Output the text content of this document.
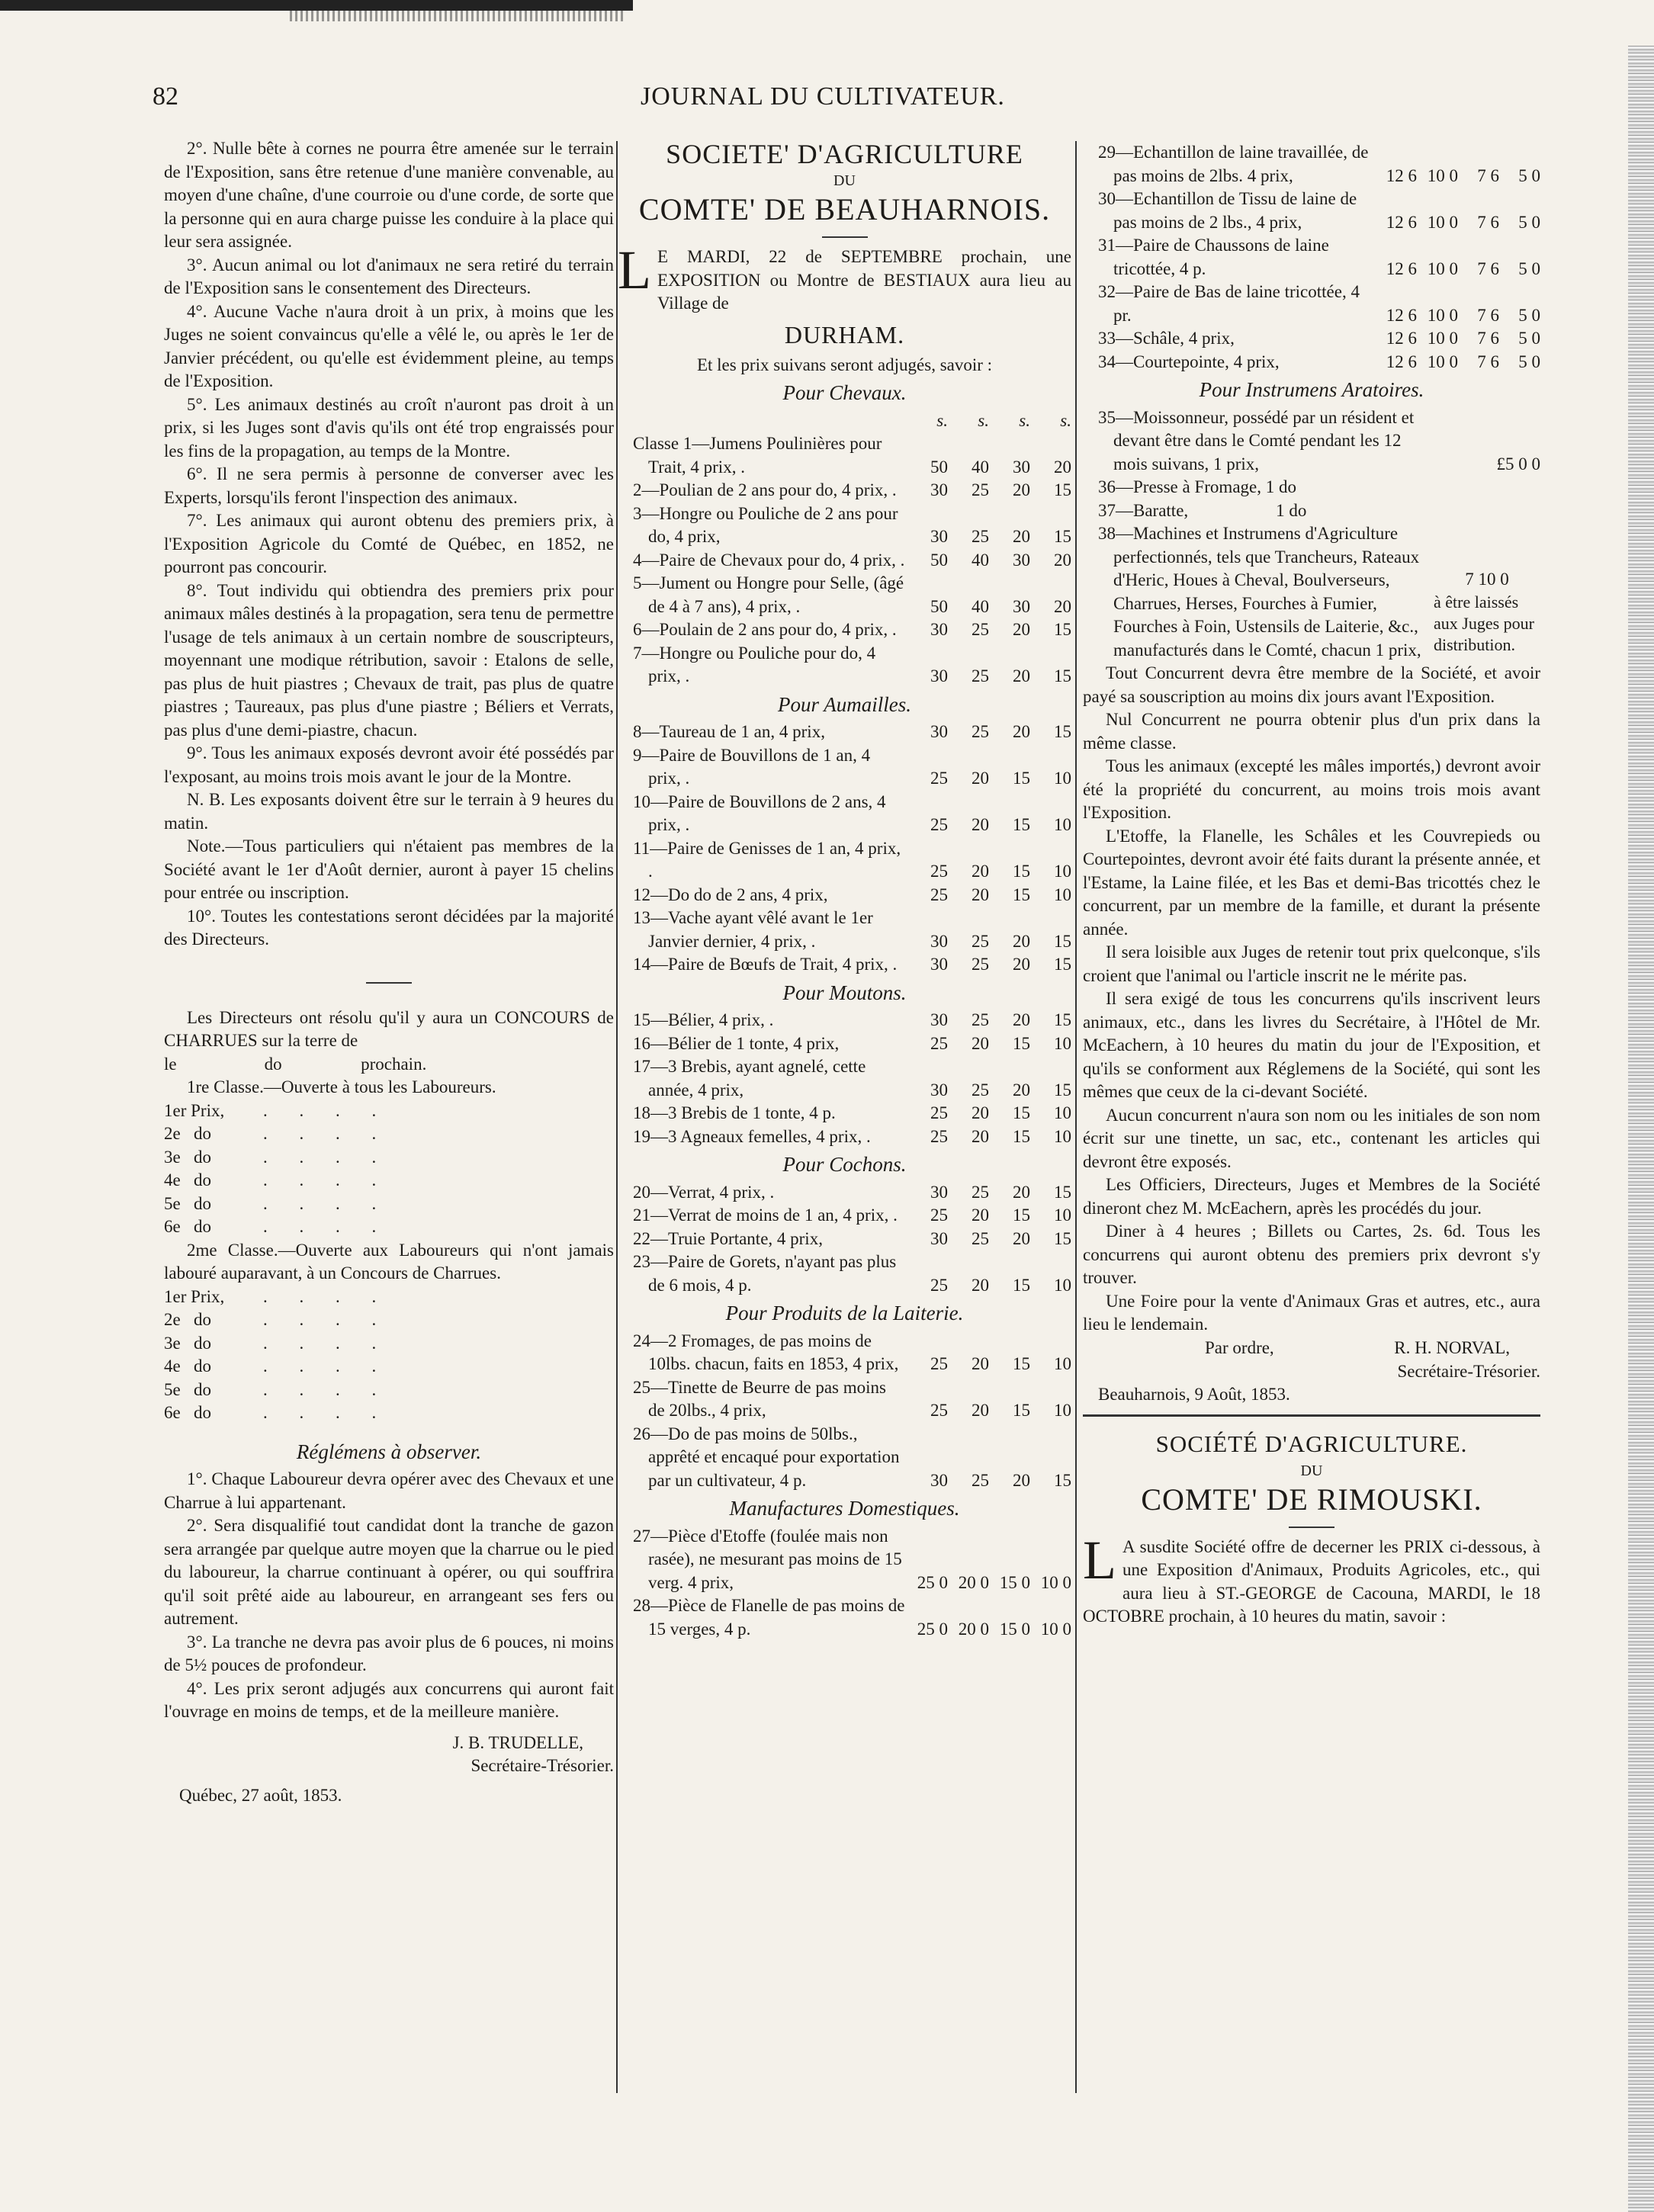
82	JOURNAL DU CULTIVATEUR.

2°. Nulle bête à cornes ne pourra être amenée sur le terrain de l'Exposition, sans être retenue d'une manière convenable, au moyen d'une chaîne, d'une courroie ou d'une corde, de sorte que la personne qui en aura charge puisse les conduire à la place qui leur sera assignée.

3°. Aucun animal ou lot d'animaux ne sera retiré du terrain de l'Exposition sans le consentement des Directeurs.

4°. Aucune Vache n'aura droit à un prix, à moins que les Juges ne soient convaincus qu'elle a vêlé le, ou après le 1er de Janvier précédent, ou qu'elle est évidemment pleine, au temps de l'Exposition.

5°. Les animaux destinés au croît n'auront pas droit à un prix, si les Juges sont d'avis qu'ils ont été trop engraissés pour les fins de la propagation, au temps de la Montre.

6°. Il ne sera permis à personne de converser avec les Experts, lorsqu'ils feront l'inspection des animaux.

7°. Les animaux qui auront obtenu des premiers prix, à l'Exposition Agricole du Comté de Québec, en 1852, ne pourront pas concourir.

8°. Tout individu qui obtiendra des premiers prix pour animaux mâles destinés à la propagation, sera tenu de permettre l'usage de tels animaux à un certain nombre de souscripteurs, moyennant une modique rétribution, savoir : Etalons de selle, pas plus de huit piastres ; Chevaux de trait, pas plus de quatre piastres ; Taureaux, pas plus d'une piastre ; Béliers et Verrats, pas plus d'une demi-piastre, chacun.

9°. Tous les animaux exposés devront avoir été possédés par l'exposant, au moins trois mois avant le jour de la Montre.

N. B. Les exposants doivent être sur le terrain à 9 heures du matin.

Note.—Tous particuliers qui n'étaient pas membres de la Société avant le 1er d'Août dernier, auront à payer 15 chelins pour entrée ou inscription.

10°. Toutes les contestations seront décidées par la majorité des Directeurs.

Les Directeurs ont résolu qu'il y aura un CONCOURS de CHARRUES sur la terre de

le                    do                  prochain.

1re Classe.—Ouverte à tous les Laboureurs.

1er Prix,	. . . .
2e   do	. . . .
3e   do	. . . .
4e   do	. . . .
5e   do	. . . .
6e   do	. . . .

2me Classe.—Ouverte aux Laboureurs qui n'ont jamais labouré auparavant, à un Concours de Charrues.

1er Prix,	. . . .
2e   do	. . . .
3e   do	. . . .
4e   do	. . . .
5e   do	. . . .
6e   do	. . . .
Réglémens à observer.

1°. Chaque Laboureur devra opérer avec des Chevaux et une Charrue à lui appartenant.

2°. Sera disqualifié tout candidat dont la tranche de gazon sera arrangée par quelque autre moyen que la charrue ou le pied du laboureur, la charrue continuant à opérer, ou qui souffrira qu'il soit prêté aide au laboureur, en arrangeant ses fers ou autrement.

3°. La tranche ne devra pas avoir plus de 6 pouces, ni moins de 5½ pouces de profondeur.

4°. Les prix seront adjugés aux concurrens qui auront fait l'ouvrage en moins de temps, et de la meilleure manière.

J. B. TRUDELLE,
Secrétaire-Trésorier.
Québec, 27 août, 1853.
SOCIETE' D'AGRICULTURE
DU
COMTE' DE BEAUHARNOIS.

L E MARDI, 22 de SEPTEMBRE prochain, une EXPOSITION ou Montre de BESTIAUX aura lieu au Village de

DURHAM.

Et les prix suivans seront adjugés, savoir :

Pour Chevaux.
	s.	s.	s.	s.
Classe 1—Jumens Poulinières pour Trait, 4 prix, .	50	40	30	20
2—Poulian de 2 ans pour do, 4 prix, .	30	25	20	15
3—Hongre ou Pouliche de 2 ans pour do, 4 prix,	30	25	20	15
4—Paire de Chevaux pour do, 4 prix, .	50	40	30	20
5—Jument ou Hongre pour Selle, (âgé de 4 à 7 ans), 4 prix, .	50	40	30	20
6—Poulain de 2 ans pour do, 4 prix, .	30	25	20	15
7—Hongre ou Pouliche pour do, 4 prix, .	30	25	20	15
Pour Aumailles.
8—Taureau de 1 an, 4 prix,	30	25	20	15
9—Paire de Bouvillons de 1 an, 4 prix, .	25	20	15	10
10—Paire de Bouvillons de 2 ans, 4 prix, .	25	20	15	10
11—Paire de Genisses de 1 an, 4 prix, .	25	20	15	10
12—Do do de 2 ans, 4 prix,	25	20	15	10
13—Vache ayant vêlé avant le 1er Janvier dernier, 4 prix, .	30	25	20	15
14—Paire de Bœufs de Trait, 4 prix, .	30	25	20	15
Pour Moutons.
15—Bélier, 4 prix, .	30	25	20	15
16—Bélier de 1 tonte, 4 prix,	25	20	15	10
17—3 Brebis, ayant agnelé, cette année, 4 prix,	30	25	20	15
18—3 Brebis de 1 tonte, 4 p.	25	20	15	10
19—3 Agneaux femelles, 4 prix, .	25	20	15	10
Pour Cochons.
20—Verrat, 4 prix, .	30	25	20	15
21—Verrat de moins de 1 an, 4 prix, .	25	20	15	10
22—Truie Portante, 4 prix,	30	25	20	15
23—Paire de Gorets, n'ayant pas plus de 6 mois, 4 p.	25	20	15	10
Pour Produits de la Laiterie.
24—2 Fromages, de pas moins de 10lbs. chacun, faits en 1853, 4 prix,	25	20	15	10
25—Tinette de Beurre de pas moins de 20lbs., 4 prix,	25	20	15	10
26—Do de pas moins de 50lbs., apprêté et encaqué pour exportation par un cultivateur, 4 p.	30	25	20	15
Manufactures Domestiques.
27—Pièce d'Etoffe (foulée mais non rasée), ne mesurant pas moins de 15 verg. 4 prix,	25 0	20 0	15 0	10 0
28—Pièce de Flanelle de pas moins de 15 verges, 4 p.	25 0	20 0	15 0	10 0
29—Echantillon de laine travaillée, de pas moins de 2lbs. 4 prix,	12 6	10 0	7 6	5 0
30—Echantillon de Tissu de laine de pas moins de 2 lbs., 4 prix,	12 6	10 0	7 6	5 0
31—Paire de Chaussons de laine tricottée, 4 p.	12 6	10 0	7 6	5 0
32—Paire de Bas de laine tricottée, 4 pr.	12 6	10 0	7 6	5 0
33—Schâle, 4 prix,	12 6	10 0	7 6	5 0
34—Courtepointe, 4 prix,	12 6	10 0	7 6	5 0
Pour Instrumens Aratoires.
35—Moissonneur, possédé par un résident et devant être dans le Comté pendant les 12 mois suivans, 1 prix,	£5 0 0
36—Presse à Fromage, 1 do	
37—Baratte,                    1 do	
38—Machines et Instrumens d'Agriculture perfectionnés, tels que Trancheurs, Rateaux d'Heric, Houes à Cheval, Boulverseurs, Charrues, Herses, Fourches à Fumier, Fourches à Foin, Ustensils de Laiterie, &c., manufacturés dans le Comté, chacun 1 prix,	7 10 0
à être laissés aux Juges pour distribution.

Tout Concurrent devra être membre de la Société, et avoir payé sa souscription au moins dix jours avant l'Exposition.

Nul Concurrent ne pourra obtenir plus d'un prix dans la même classe.

Tous les animaux (excepté les mâles importés,) devront avoir été la propriété du concurrent, au moins trois mois avant l'Exposition.

L'Etoffe, la Flanelle, les Schâles et les Couvrepieds ou Courtepointes, devront avoir été faits durant la présente année, et l'Estame, la Laine filée, et les Bas et demi-Bas tricottés chez le concurrent, par un membre de la famille, et durant la présente année.

Il sera loisible aux Juges de retenir tout prix quelconque, s'ils croient que l'animal ou l'article inscrit ne le mérite pas.

Il sera exigé de tous les concurrens qu'ils inscrivent leurs animaux, etc., dans les livres du Secrétaire, à l'Hôtel de Mr. McEachern, à 10 heures du matin du jour de l'Exposition, et qu'ils se conforment aux Réglemens de la Société, qui sont les mêmes que ceux de la ci-devant Société.

Aucun concurrent n'aura son nom ou les initiales de son nom écrit sur une tinette, un sac, etc., contenant les articles qui devront être exposés.

Les Officiers, Directeurs, Juges et Membres de la Société dineront chez M. McEachern, après les procédés du jour.

Diner à 4 heures ; Billets ou Cartes, 2s. 6d. Tous les concurrens qui auront obtenu des premiers prix devront s'y trouver.

Une Foire pour la vente d'Animaux Gras et autres, etc., aura lieu le lendemain.

Par ordre,	R. H. NORVAL,
Secrétaire-Trésorier.
Beauharnois, 9 Août, 1853.
SOCIÉTÉ D'AGRICULTURE.
DU
COMTE' DE RIMOUSKI.

L A susdite Société offre de decerner les PRIX ci-dessous, à une Exposition d'Animaux, Produits Agricoles, etc., qui aura lieu à ST.-GEORGE de Cacouna, MARDI, le 18 OCTOBRE prochain, à 10 heures du matin, savoir :
